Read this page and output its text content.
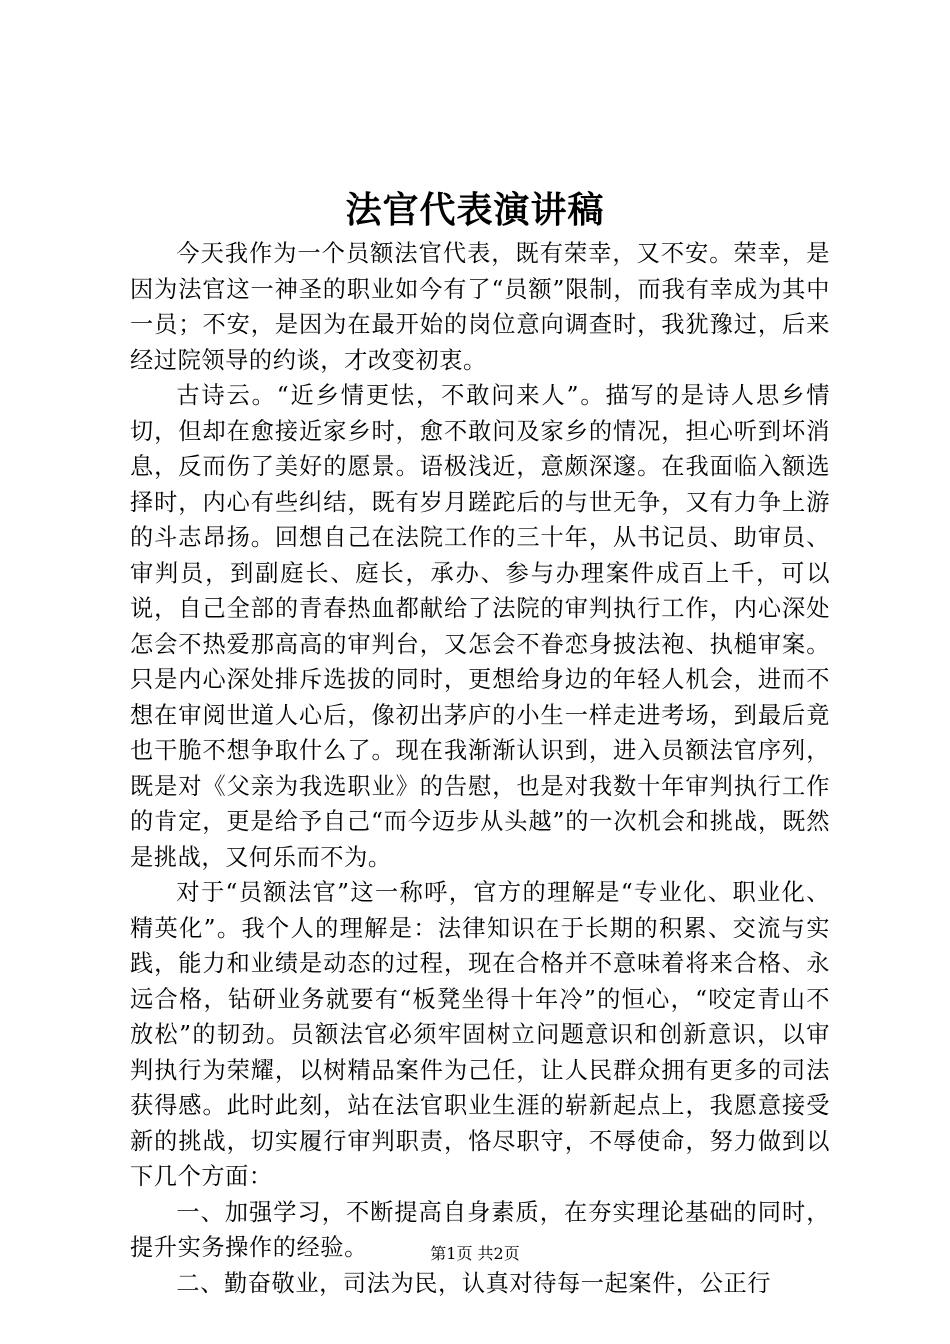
法官代表演讲稿

今天我作为一个员额法官代表，既有荣幸，又不安。荣幸，是因为法官这一神圣的职业如今有了“员额”限制，而我有幸成为其中一员；不安，是因为在最开始的岗位意向调查时，我犹豫过，后来经过院领导的约谈，才改变初衷。

古诗云。“近乡情更怯，不敢问来人”。描写的是诗人思乡情切，但却在愈接近家乡时，愈不敢问及家乡的情况，担心听到坏消息，反而伤了美好的愿景。语极浅近，意颇深邃。在我面临入额选择时，内心有些纠结，既有岁月蹉跎后的与世无争，又有力争上游的斗志昂扬。回想自己在法院工作的三十年，从书记员、助审员、审判员，到副庭长、庭长，承办、参与办理案件成百上千，可以说，自己全部的青春热血都献给了法院的审判执行工作，内心深处怎会不热爱那高高的审判台，又怎会不眷恋身披法袍、执槌审案。只是内心深处排斥选拔的同时，更想给身边的年轻人机会，进而不想在审阅世道人心后，像初出茅庐的小生一样走进考场，到最后竟也干脆不想争取什么了。现在我渐渐认识到，进入员额法官序列，既是对《父亲为我选职业》的告慰，也是对我数十年审判执行工作的肯定，更是给予自己“而今迈步从头越”的一次机会和挑战，既然是挑战，又何乐而不为。

对于“员额法官”这一称呼，官方的理解是“专业化、职业化、精英化”。我个人的理解是：法律知识在于长期的积累、交流与实践，能力和业绩是动态的过程，现在合格并不意味着将来合格、永远合格，钻研业务就要有“板凳坐得十年冷”的恒心，“咬定青山不放松”的韧劲。员额法官必须牢固树立问题意识和创新意识，以审判执行为荣耀，以树精品案件为己任，让人民群众拥有更多的司法获得感。此时此刻，站在法官职业生涯的崭新起点上，我愿意接受新的挑战，切实履行审判职责，恪尽职守，不辱使命，努力做到以下几个方面：

一、加强学习，不断提高自身素质，在夯实理论基础的同时，提升实务操作的经验。

二、勤奋敬业，司法为民，认真对待每一起案件，公正行

第1页 共2页
